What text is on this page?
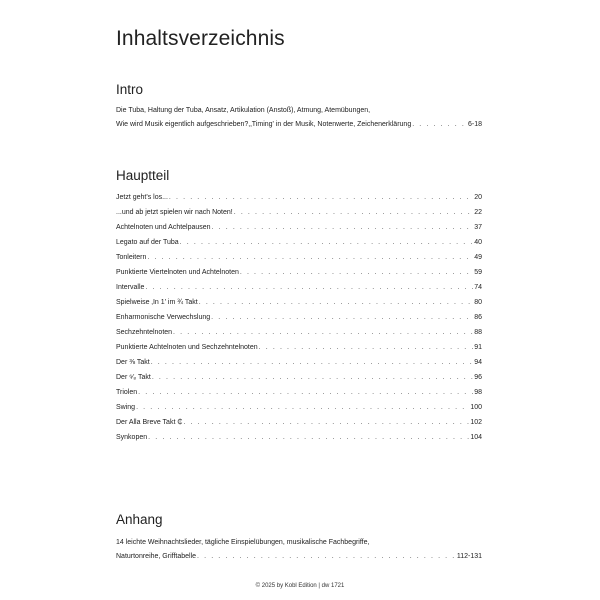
Inhaltsverzeichnis
Intro

Die Tuba, Haltung der Tuba, Ansatz, Artikulation (Anstoß), Atmung, Atemübungen,

Wie wird Musik eigentlich aufgeschrieben?,‚Timing' in der Musik, Notenwerte, Zeichenerklärung . . .	6-18
Hauptteil
Jetzt geht's los... . . .	20
...und ab jetzt spielen wir nach Noten! . . .	22
Achtelnoten und Achtelpausen . . .	37
Legato auf der Tuba . . .	40
Tonleitern . . .	49
Punktierte Viertelnoten und Achtelnoten . . .	59
Intervalle . . .	74
Spielweise ‚In 1' im ¾ Takt . . .	80
Enharmonische Verwechslung . . .	86
Sechzehntelnoten . . .	88
Punktierte Achtelnoten und Sechzehntelnoten . . .	91
Der ⅜ Takt . . .	94
Der ⁶⁄₈ Takt . . .	96
Triolen . . .	98
Swing . . .	100
Der Alla Breve Takt ₵ . . .	102
Synkopen . . .	104
Anhang

14 leichte Weihnachtslieder, tägliche Einspielübungen, musikalische Fachbegriffe,

Naturtonreihe, Grifftabelle . . .	112-131
© 2025 by Kobl Edition | dw 1721
